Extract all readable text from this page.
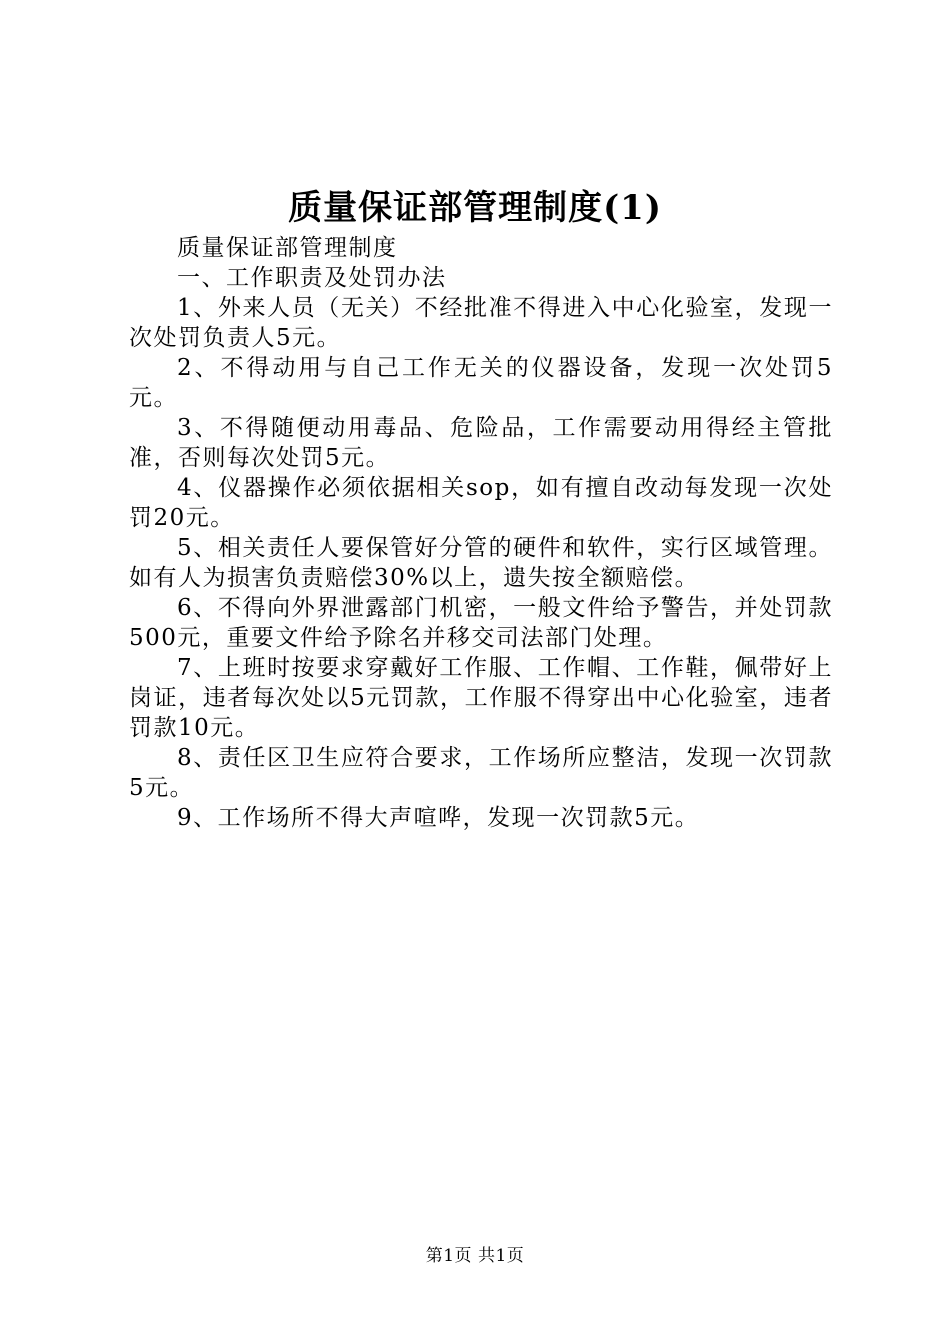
质量保证部管理制度(1)

质量保证部管理制度

一、工作职责及处罚办法

1、外来人员（无关）不经批准不得进入中心化验室，发现一次处罚负责人5元。

2、不得动用与自己工作无关的仪器设备，发现一次处罚5元。

3、不得随便动用毒品、危险品，工作需要动用得经主管批准，否则每次处罚5元。

4、仪器操作必须依据相关sop，如有擅自改动每发现一次处罚20元。

5、相关责任人要保管好分管的硬件和软件，实行区域管理。如有人为损害负责赔偿30%以上，遗失按全额赔偿。

6、不得向外界泄露部门机密，一般文件给予警告，并处罚款500元，重要文件给予除名并移交司法部门处理。

7、上班时按要求穿戴好工作服、工作帽、工作鞋，佩带好上岗证，违者每次处以5元罚款，工作服不得穿出中心化验室，违者罚款10元。

8、责任区卫生应符合要求，工作场所应整洁，发现一次罚款5元。

9、工作场所不得大声喧哗，发现一次罚款5元。

第1页 共1页
